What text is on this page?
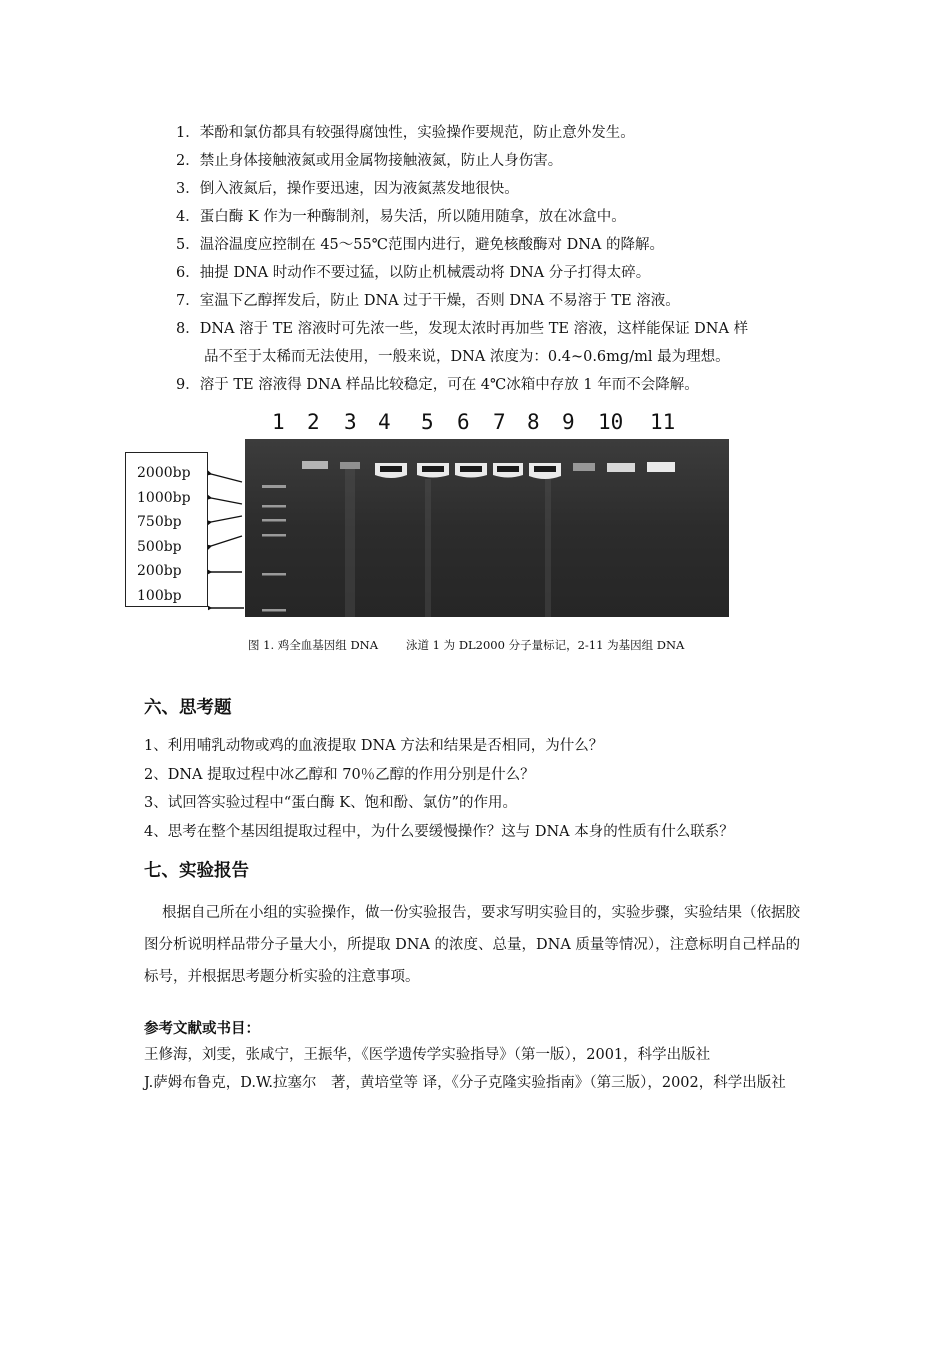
1．苯酚和氯仿都具有较强得腐蚀性，实验操作要规范，防止意外发生。
2．禁止身体接触液氮或用金属物接触液氮，防止人身伤害。
3．倒入液氮后，操作要迅速，因为液氮蒸发地很快。
4．蛋白酶 K 作为一种酶制剂，易失活，所以随用随拿，放在冰盒中。
5．温浴温度应控制在 45～55℃范围内进行，避免核酸酶对 DNA 的降解。
6．抽提 DNA 时动作不要过猛，以防止机械震动将 DNA 分子打得太碎。
7．室温下乙醇挥发后，防止 DNA 过于干燥，否则 DNA 不易溶于 TE 溶液。
8．DNA 溶于 TE 溶液时可先浓一些，发现太浓时再加些 TE 溶液，这样能保证 DNA 样
品不至于太稀而无法使用，一般来说，DNA 浓度为：0.4~0.6mg/ml 最为理想。
9．溶于 TE 溶液得 DNA 样品比较稳定，可在 4℃冰箱中存放 1 年而不会降解。
1 2 3 4 5 6 7 8 9 10 11
2000bp
1000bp
750bp
500bp
200bp
100bp
图 1. 鸡全血基因组 DNA 泳道 1 为 DL2000 分子量标记，2-11 为基因组 DNA
六、思考题
1、利用哺乳动物或鸡的血液提取 DNA 方法和结果是否相同，为什么？
2、DNA 提取过程中冰乙醇和 70％乙醇的作用分别是什么？
3、试回答实验过程中“蛋白酶 K、饱和酚、氯仿”的作用。
4、思考在整个基因组提取过程中，为什么要缓慢操作？这与 DNA 本身的性质有什么联系？
七、实验报告

根据自己所在小组的实验操作，做一份实验报告，要求写明实验目的，实验步骤，实验结果（依据胶图分析说明样品带分子量大小，所提取 DNA 的浓度、总量，DNA 质量等情况），注意标明自己样品的标号，并根据思考题分析实验的注意事项。

参考文献或书目：
王修海，刘雯，张咸宁，王振华，《医学遗传学实验指导》（第一版），2001，科学出版社
J.萨姆布鲁克，D.W.拉塞尔　著，黄培堂等 译，《分子克隆实验指南》（第三版），2002，科学出版社
